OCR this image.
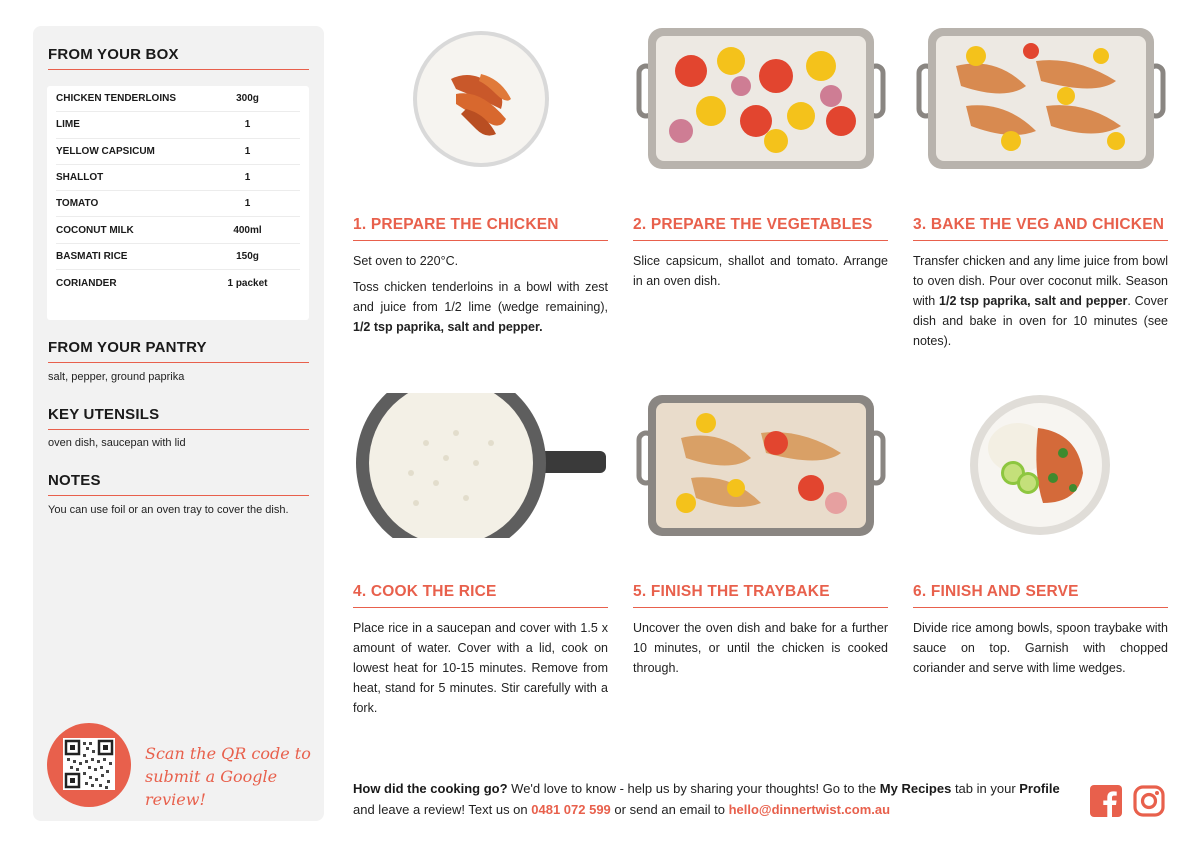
FROM YOUR BOX
CHICKEN TENDERLOINS	300g
LIME	1
YELLOW CAPSICUM	1
SHALLOT	1
TOMATO	1
COCONUT MILK	400ml
BASMATI RICE	150g
CORIANDER	1 packet
FROM YOUR PANTRY
salt, pepper, ground paprika
KEY UTENSILS
oven dish, saucepan with lid
NOTES
You can use foil or an oven tray to cover the dish.
Scan the QR code to submit a Google review!
1. PREPARE THE CHICKEN

Set oven to 220°C.

Toss chicken tenderloins in a bowl with zest and juice from 1/2 lime (wedge remaining), 1/2 tsp paprika, salt and pepper.

2. PREPARE THE VEGETABLES

Slice capsicum, shallot and tomato. Arrange in an oven dish.

3. BAKE THE VEG AND CHICKEN

Transfer chicken and any lime juice from bowl to oven dish. Pour over coconut milk. Season with 1/2 tsp paprika, salt and pepper. Cover dish and bake in oven for 10 minutes (see notes).

4. COOK THE RICE

Place rice in a saucepan and cover with 1.5 x amount of water. Cover with a lid, cook on lowest heat for 10-15 minutes. Remove from heat, stand for 5 minutes. Stir carefully with a fork.

5. FINISH THE TRAYBAKE

Uncover the oven dish and bake for a further 10 minutes, or until the chicken is cooked through.

6. FINISH AND SERVE

Divide rice among bowls, spoon traybake with sauce on top. Garnish with chopped coriander and serve with lime wedges.

How did the cooking go? We'd love to know - help us by sharing your thoughts! Go to the My Recipes tab in your Profile and leave a review! Text us on 0481 072 599 or send an email to hello@dinnertwist.com.au
